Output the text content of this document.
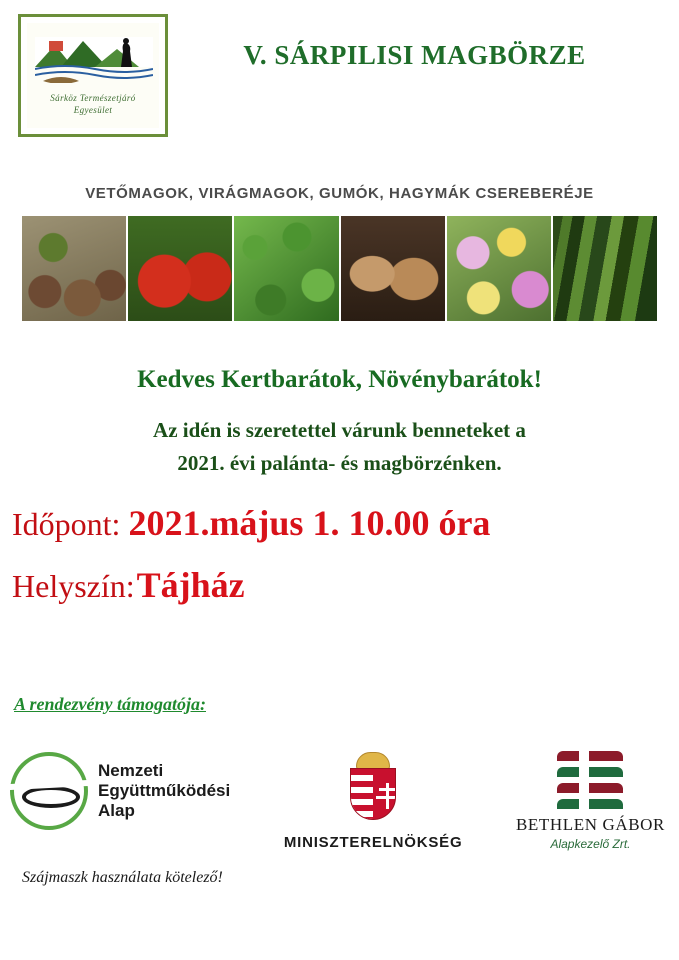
Sárköz Természetjáró
Egyesület
V. SÁRPILISI MAGBÖRZE
VETŐMAGOK, VIRÁGMAGOK, GUMÓK, HAGYMÁK CSEREBERÉJE
Kedves Kertbarátok, Növénybarátok!
Az idén is szeretettel várunk benneteket a
2021. évi palánta- és magbörzénken.
Időpont: 2021.május 1. 10.00 óra
Helyszín: Tájház
A rendezvény támogatója:
Nemzeti
Együttműködési
Alap
MINISZTERELNÖKSÉG
BETHLEN GÁBOR
Alapkezelő Zrt.
Szájmaszk használata kötelező!
